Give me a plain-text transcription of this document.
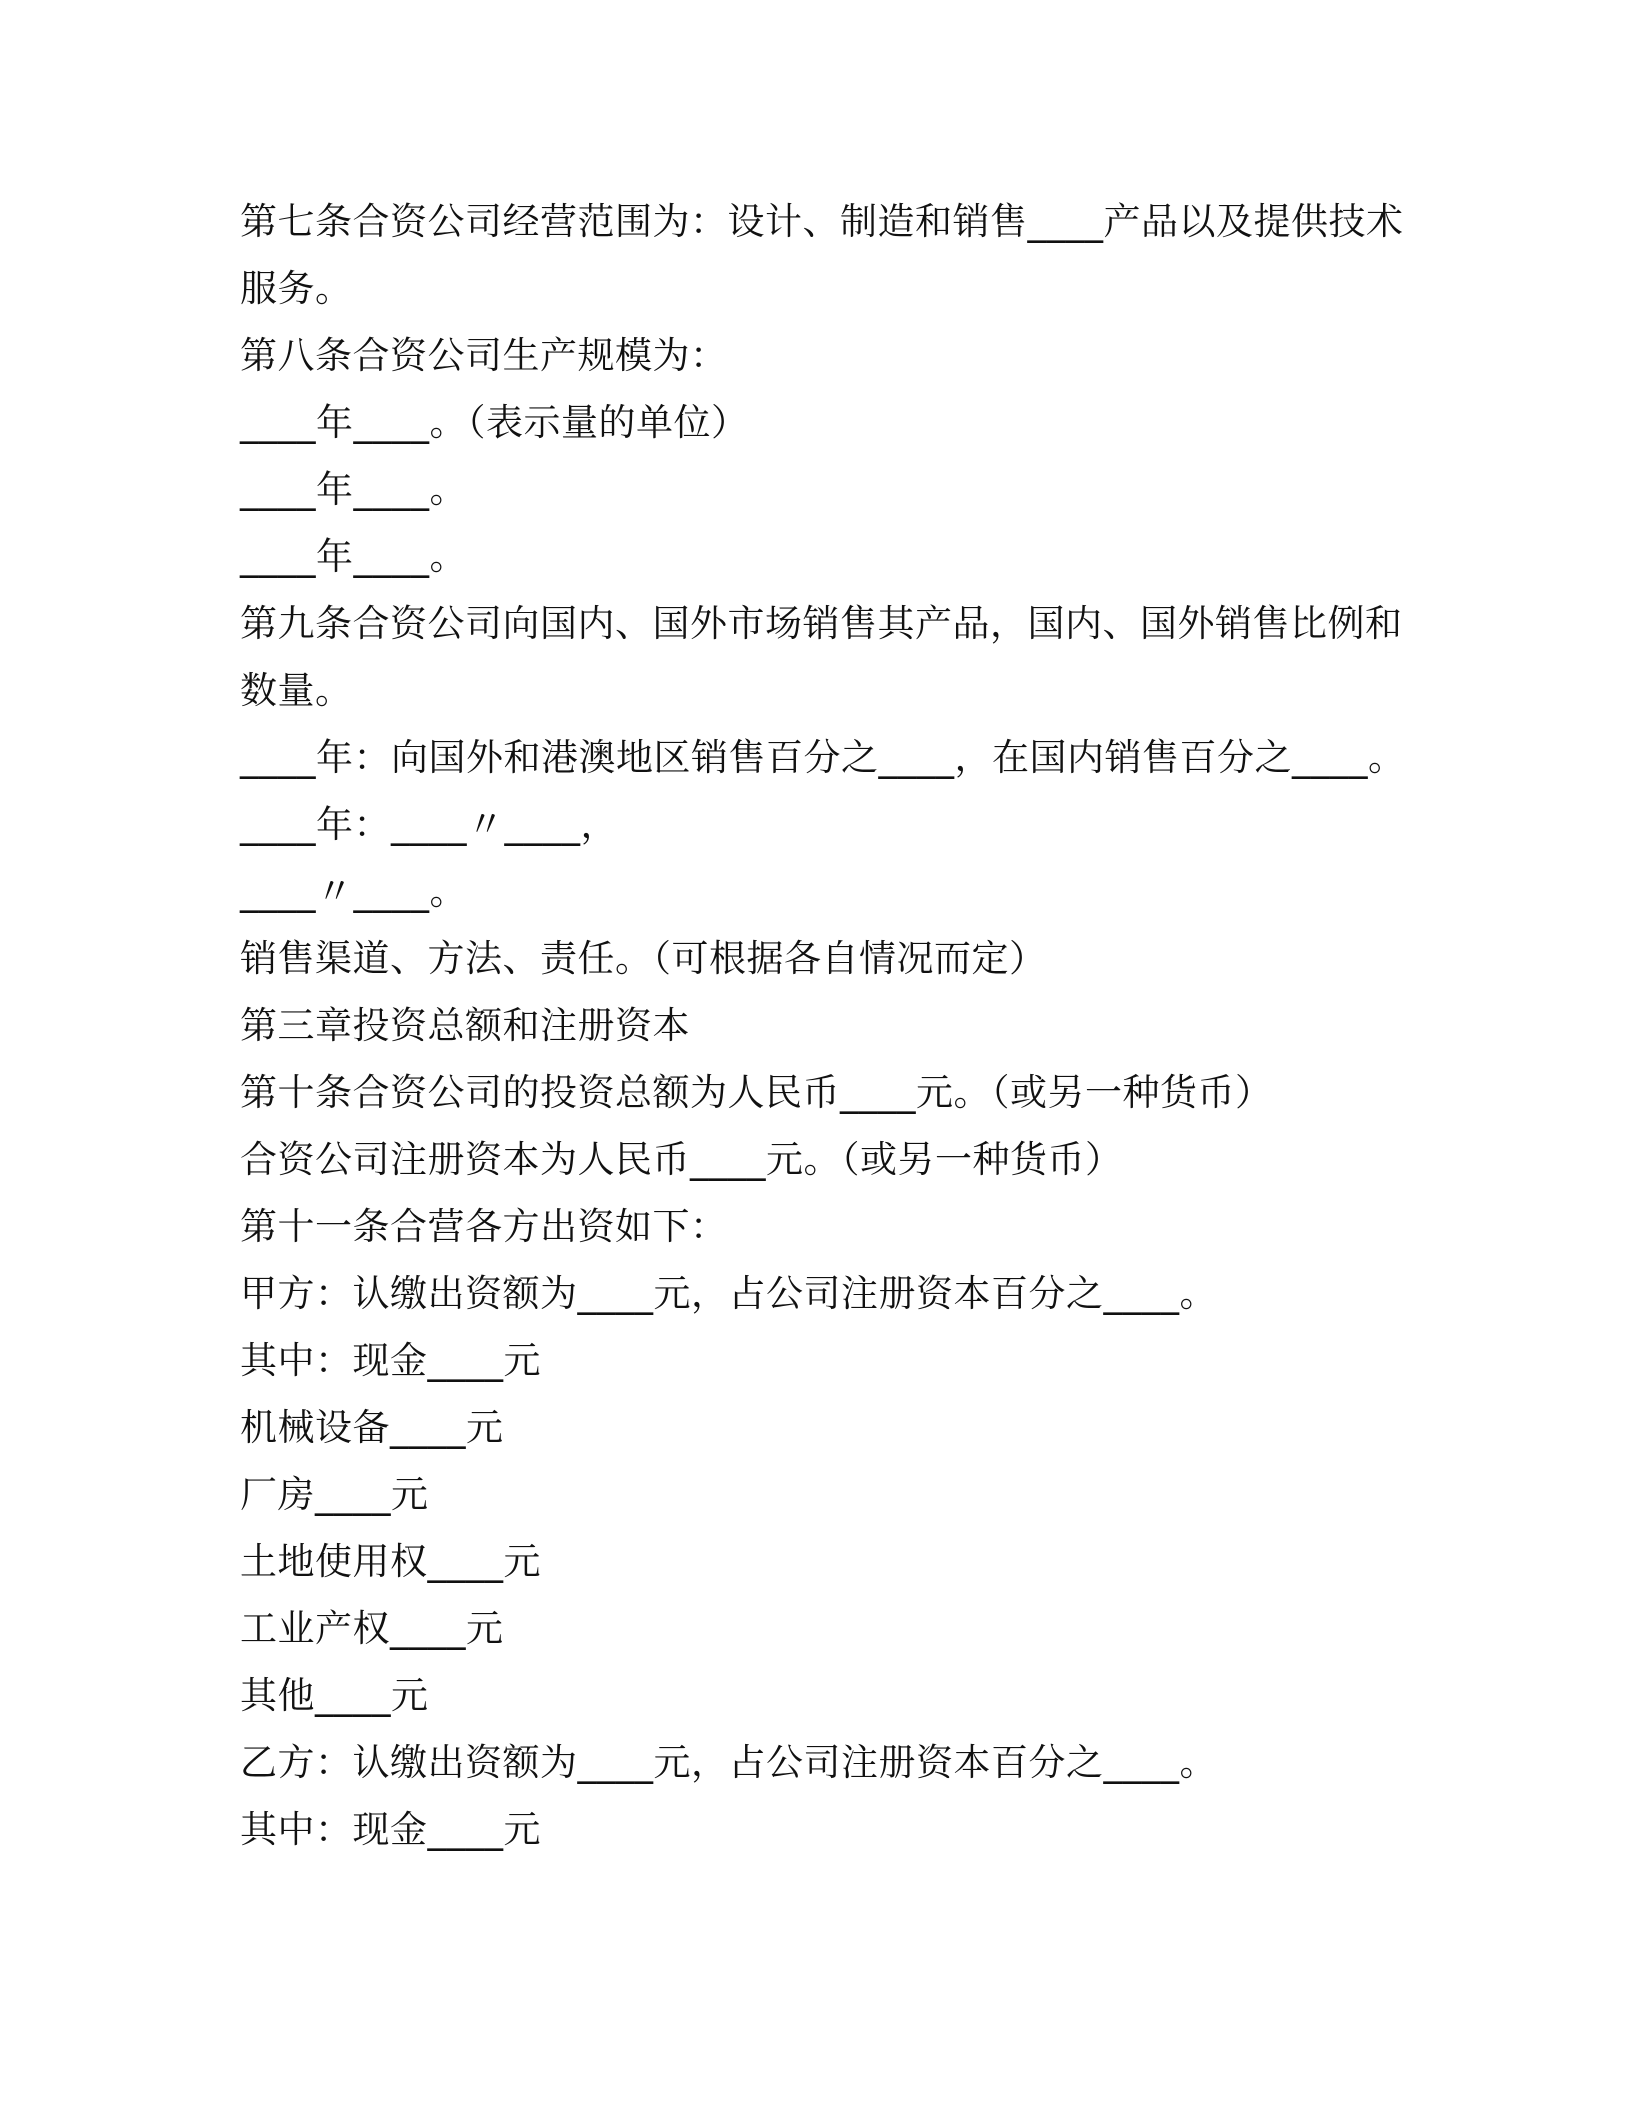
第七条合资公司经营范围为：设计、制造和销售____产品以及提供技术

服务。

第八条合资公司生产规模为：

____年____。（表示量的单位）

____年____。

____年____。

第九条合资公司向国内、国外市场销售其产品，国内、国外销售比例和

数量。

____年：向国外和港澳地区销售百分之____，在国内销售百分之____。

____年：____〃____，

____〃____。

销售渠道、方法、责任。（可根据各自情况而定）

第三章投资总额和注册资本

第十条合资公司的投资总额为人民币____元。（或另一种货币）

合资公司注册资本为人民币____元。（或另一种货币）

第十一条合营各方出资如下：

甲方：认缴出资额为____元，占公司注册资本百分之____。

其中：现金____元

机械设备____元

厂房____元

土地使用权____元

工业产权____元

其他____元

乙方：认缴出资额为____元，占公司注册资本百分之____。

其中：现金____元
